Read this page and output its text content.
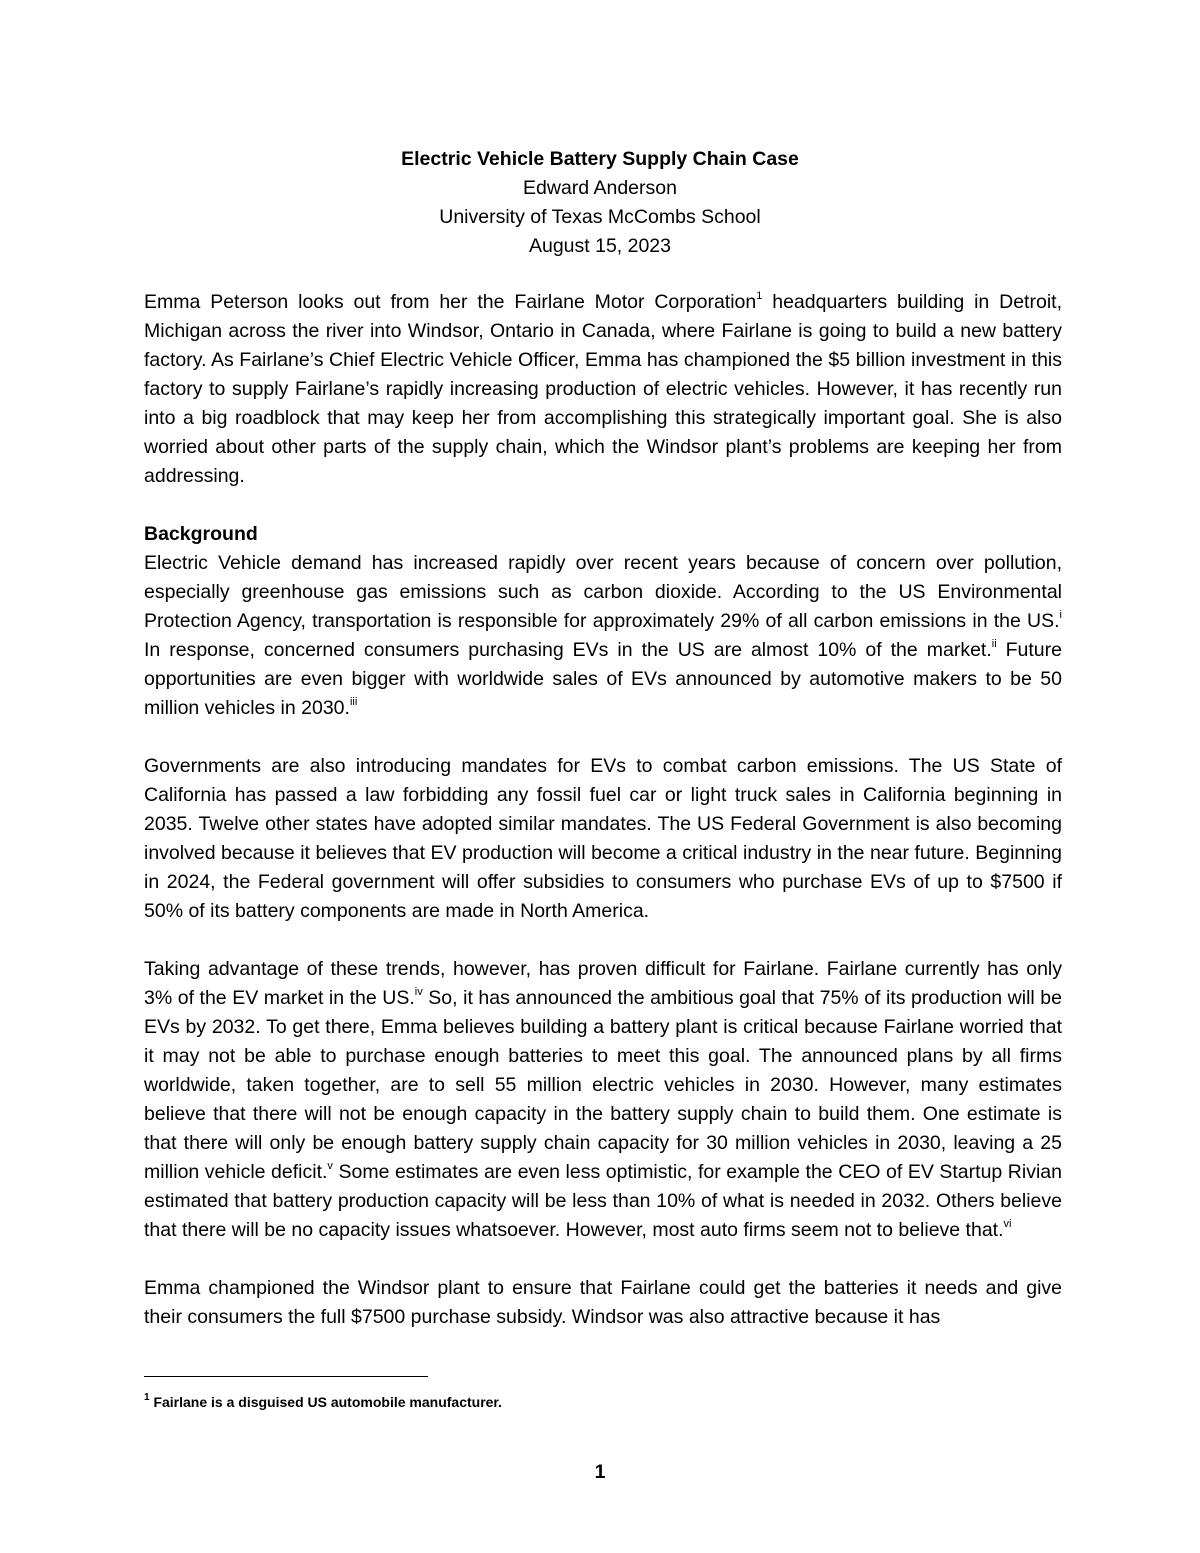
Electric Vehicle Battery Supply Chain Case
Edward Anderson
University of Texas McCombs School
August 15, 2023

Emma Peterson looks out from her the Fairlane Motor Corporation$^1$ headquarters building in Detroit, Michigan across the river into Windsor, Ontario in Canada, where Fairlane is going to build a new battery factory. As Fairlane’s Chief Electric Vehicle Officer, Emma has championed the $5 billion investment in this factory to supply Fairlane’s rapidly increasing production of electric vehicles. However, it has recently run into a big roadblock that may keep her from accomplishing this strategically important goal. She is also worried about other parts of the supply chain, which the Windsor plant’s problems are keeping her from addressing.

Background

Electric Vehicle demand has increased rapidly over recent years because of concern over pollution, especially greenhouse gas emissions such as carbon dioxide. According to the US Environmental Protection Agency, transportation is responsible for approximately 29% of all carbon emissions in the US.$^i$ In response, concerned consumers purchasing EVs in the US are almost 10% of the market.$^{ii}$ Future opportunities are even bigger with worldwide sales of EVs announced by automotive makers to be 50 million vehicles in 2030.$^{iii}$

Governments are also introducing mandates for EVs to combat carbon emissions. The US State of California has passed a law forbidding any fossil fuel car or light truck sales in California beginning in 2035. Twelve other states have adopted similar mandates. The US Federal Government is also becoming involved because it believes that EV production will become a critical industry in the near future. Beginning in 2024, the Federal government will offer subsidies to consumers who purchase EVs of up to $7500 if 50% of its battery components are made in North America.

Taking advantage of these trends, however, has proven difficult for Fairlane. Fairlane currently has only 3% of the EV market in the US.$^{iv}$ So, it has announced the ambitious goal that 75% of its production will be EVs by 2032. To get there, Emma believes building a battery plant is critical because Fairlane worried that it may not be able to purchase enough batteries to meet this goal. The announced plans by all firms worldwide, taken together, are to sell 55 million electric vehicles in 2030. However, many estimates believe that there will not be enough capacity in the battery supply chain to build them. One estimate is that there will only be enough battery supply chain capacity for 30 million vehicles in 2030, leaving a 25 million vehicle deficit.$^v$ Some estimates are even less optimistic, for example the CEO of EV Startup Rivian estimated that battery production capacity will be less than 10% of what is needed in 2032. Others believe that there will be no capacity issues whatsoever. However, most auto firms seem not to believe that.$^{vi}$

Emma championed the Windsor plant to ensure that Fairlane could get the batteries it needs and give their consumers the full $7500 purchase subsidy. Windsor was also attractive because it has

$^1$ Fairlane is a disguised US automobile manufacturer.
1
